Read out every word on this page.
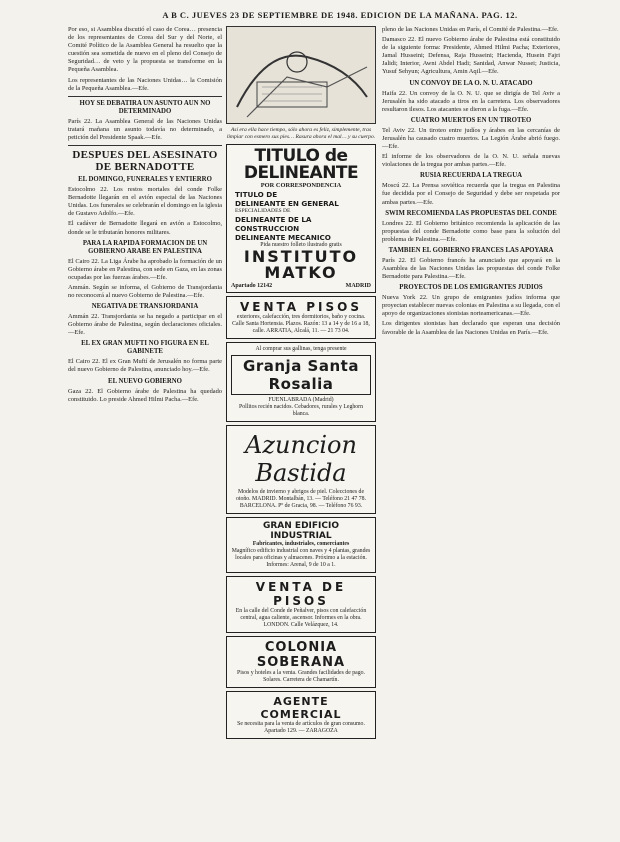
A B C. JUEVES 23 DE SEPTIEMBRE DE 1948. EDICION DE LA MAÑANA. PAG. 12.

Por eso, si Asamblea discutió el caso de Corea… presencia de los representantes de Corea del Sur y del Norte, el Comité Político de la Asamblea General ha resuelto que la cuestión sea sometida de nuevo en el pleno del Consejo de Seguridad… de veto y la propuesta se transforme en la Pequeña Asamblea.

Los representantes de las Naciones Unidas… la Comisión de la Pequeña Asamblea.—Efe.

HOY SE DEBATIRA UN ASUNTO AUN NO DETERMINADO

París 22. La Asamblea General de las Naciones Unidas tratará mañana un asunto todavía no determinado, a petición del Presidente Spaak.—Efe.

DESPUES DEL ASESINATO DE BERNADOTTE
EL DOMINGO, FUNERALES Y ENTIERRO

Estocolmo 22. Los restos mortales del conde Folke Bernadotte llegarán en el avión especial de las Naciones Unidas. Los funerales se celebrarán el domingo en la iglesia de Gustavo Adolfo.—Efe.

El cadáver de Bernadotte llegará en avión a Estocolmo, donde se le tributarán honores militares.

PARA LA RAPIDA FORMACION DE UN GOBIERNO ARABE EN PALESTINA

El Cairo 22. La Liga Árabe ha aprobado la formación de un Gobierno árabe en Palestina, con sede en Gaza, en las zonas ocupadas por las fuerzas árabes.—Efe.

Ammán. Según se informa, el Gobierno de Transjordania no reconocerá al nuevo Gobierno de Palestina.—Efe.

NEGATIVA DE TRANSJORDANIA

Ammán 22. Transjordania se ha negado a participar en el Gobierno árabe de Palestina, según declaraciones oficiales.—Efe.

EL EX GRAN MUFTI NO FIGURA EN EL GABINETE

El Cairo 22. El ex Gran Muftí de Jerusalén no forma parte del nuevo Gobierno de Palestina, anunciado hoy.—Efe.

EL NUEVO GOBIERNO

Gaza 22. El Gobierno árabe de Palestina ha quedado constituido. Lo preside Ahmed Hilmi Pacha.—Efe.

Así era ella hace tiempo, sólo ahora es feliz, simplemente, tras limpiar con esmero sus pies… Rasura ahora el mal… y su cuerpo.
TITULO de DELINEANTE
POR CORRESPONDENCIA
TITULO DE
DELINEANTE EN GENERAL
ESPECIALIDADES DE
DELINEANTE DE LA CONSTRUCCION
DELINEANTE MECANICO
Pida nuestro folleto ilustrado gratis
INSTITUTO MATKO
Apartado 12142	MADRID
VENTA PISOS
exteriores, calefacción, tres dormitorios, baño y cocina. Calle Santa Hortensia. Plazos. Razón: 13 a 14 y de 16 a 18, calle. ARRATIA, Alcalá, 11. — 21 73 04.
Al comprar sus gallinas, tenga presente
Granja Santa Rosalia
FUENLABRADA (Madrid)
Pollitos recién nacidos. Cebadores, rurales y Leghorn blanca.
Azuncion Bastida
Modelos de invierno y abrigos de piel. Colecciones de otoño. MADRID. Montalbán, 13. — Teléfono 21 47 78. BARCELONA. Pº de Gracia, 98. — Teléfono 76 93.
GRAN EDIFICIO INDUSTRIAL
Fabricantes, industriales, comerciantes
Magnífico edificio industrial con naves y 4 plantas, grandes locales para oficinas y almacenes. Próximo a la estación. Informes: Arenal, 9 de 10 a 1.
VENTA DE PISOS
En la calle del Conde de Peñalver, pisos con calefacción central, agua caliente, ascensor. Informes en la obra. LONDON. Calle Velázquez, 14.
COLONIA SOBERANA
Pisos y hoteles a la venta. Grandes facilidades de pago. Solares. Carretera de Chamartín.
AGENTE COMERCIAL
Se necesita para la venta de artículos de gran consumo. Apartado 129. — ZARAGOZA

pleno de las Naciones Unidas en París, el Comité de Palestina.—Efe.

Damasco 22. El nuevo Gobierno árabe de Palestina está constituido de la siguiente forma: Presidente, Ahmed Hilmi Pacha; Exteriores, Jamal Husseini; Defensa, Raja Husseini; Hacienda, Husein Fajri Jalidi; Interior, Awni Abdel Hadi; Sanidad, Anwar Nussei; Justicia, Yusuf Sehyun; Agricultura, Amin Aqil.—Efe.

UN CONVOY DE LA O. N. U. ATACADO

Haifa 22. Un convoy de la O. N. U. que se dirigía de Tel Aviv a Jerusalén ha sido atacado a tiros en la carretera. Los observadores resultaron ilesos. Los atacantes se dieron a la fuga.—Efe.

CUATRO MUERTOS EN UN TIROTEO

Tel Aviv 22. Un tiroteo entre judíos y árabes en las cercanías de Jerusalén ha causado cuatro muertos. La Legión Árabe abrió fuego.—Efe.

El informe de los observadores de la O. N. U. señala nuevas violaciones de la tregua por ambas partes.—Efe.

RUSIA RECUERDA LA TREGUA

Moscú 22. La Prensa soviética recuerda que la tregua en Palestina fue decidida por el Consejo de Seguridad y debe ser respetada por ambas partes.—Efe.

SWIM RECOMIENDA LAS PROPUESTAS DEL CONDE

Londres 22. El Gobierno británico recomienda la aplicación de las propuestas del conde Bernadotte como base para la solución del problema de Palestina.—Efe.

TAMBIEN EL GOBIERNO FRANCES LAS APOYARA

París 22. El Gobierno francés ha anunciado que apoyará en la Asamblea de las Naciones Unidas las propuestas del conde Folke Bernadotte para Palestina.—Efe.

PROYECTOS DE LOS EMIGRANTES JUDIOS

Nueva York 22. Un grupo de emigrantes judíos informa que proyectan establecer nuevas colonias en Palestina a su llegada, con el apoyo de organizaciones sionistas norteamericanas.—Efe.

Los dirigentes sionistas han declarado que esperan una decisión favorable de la Asamblea de las Naciones Unidas en París.—Efe.
